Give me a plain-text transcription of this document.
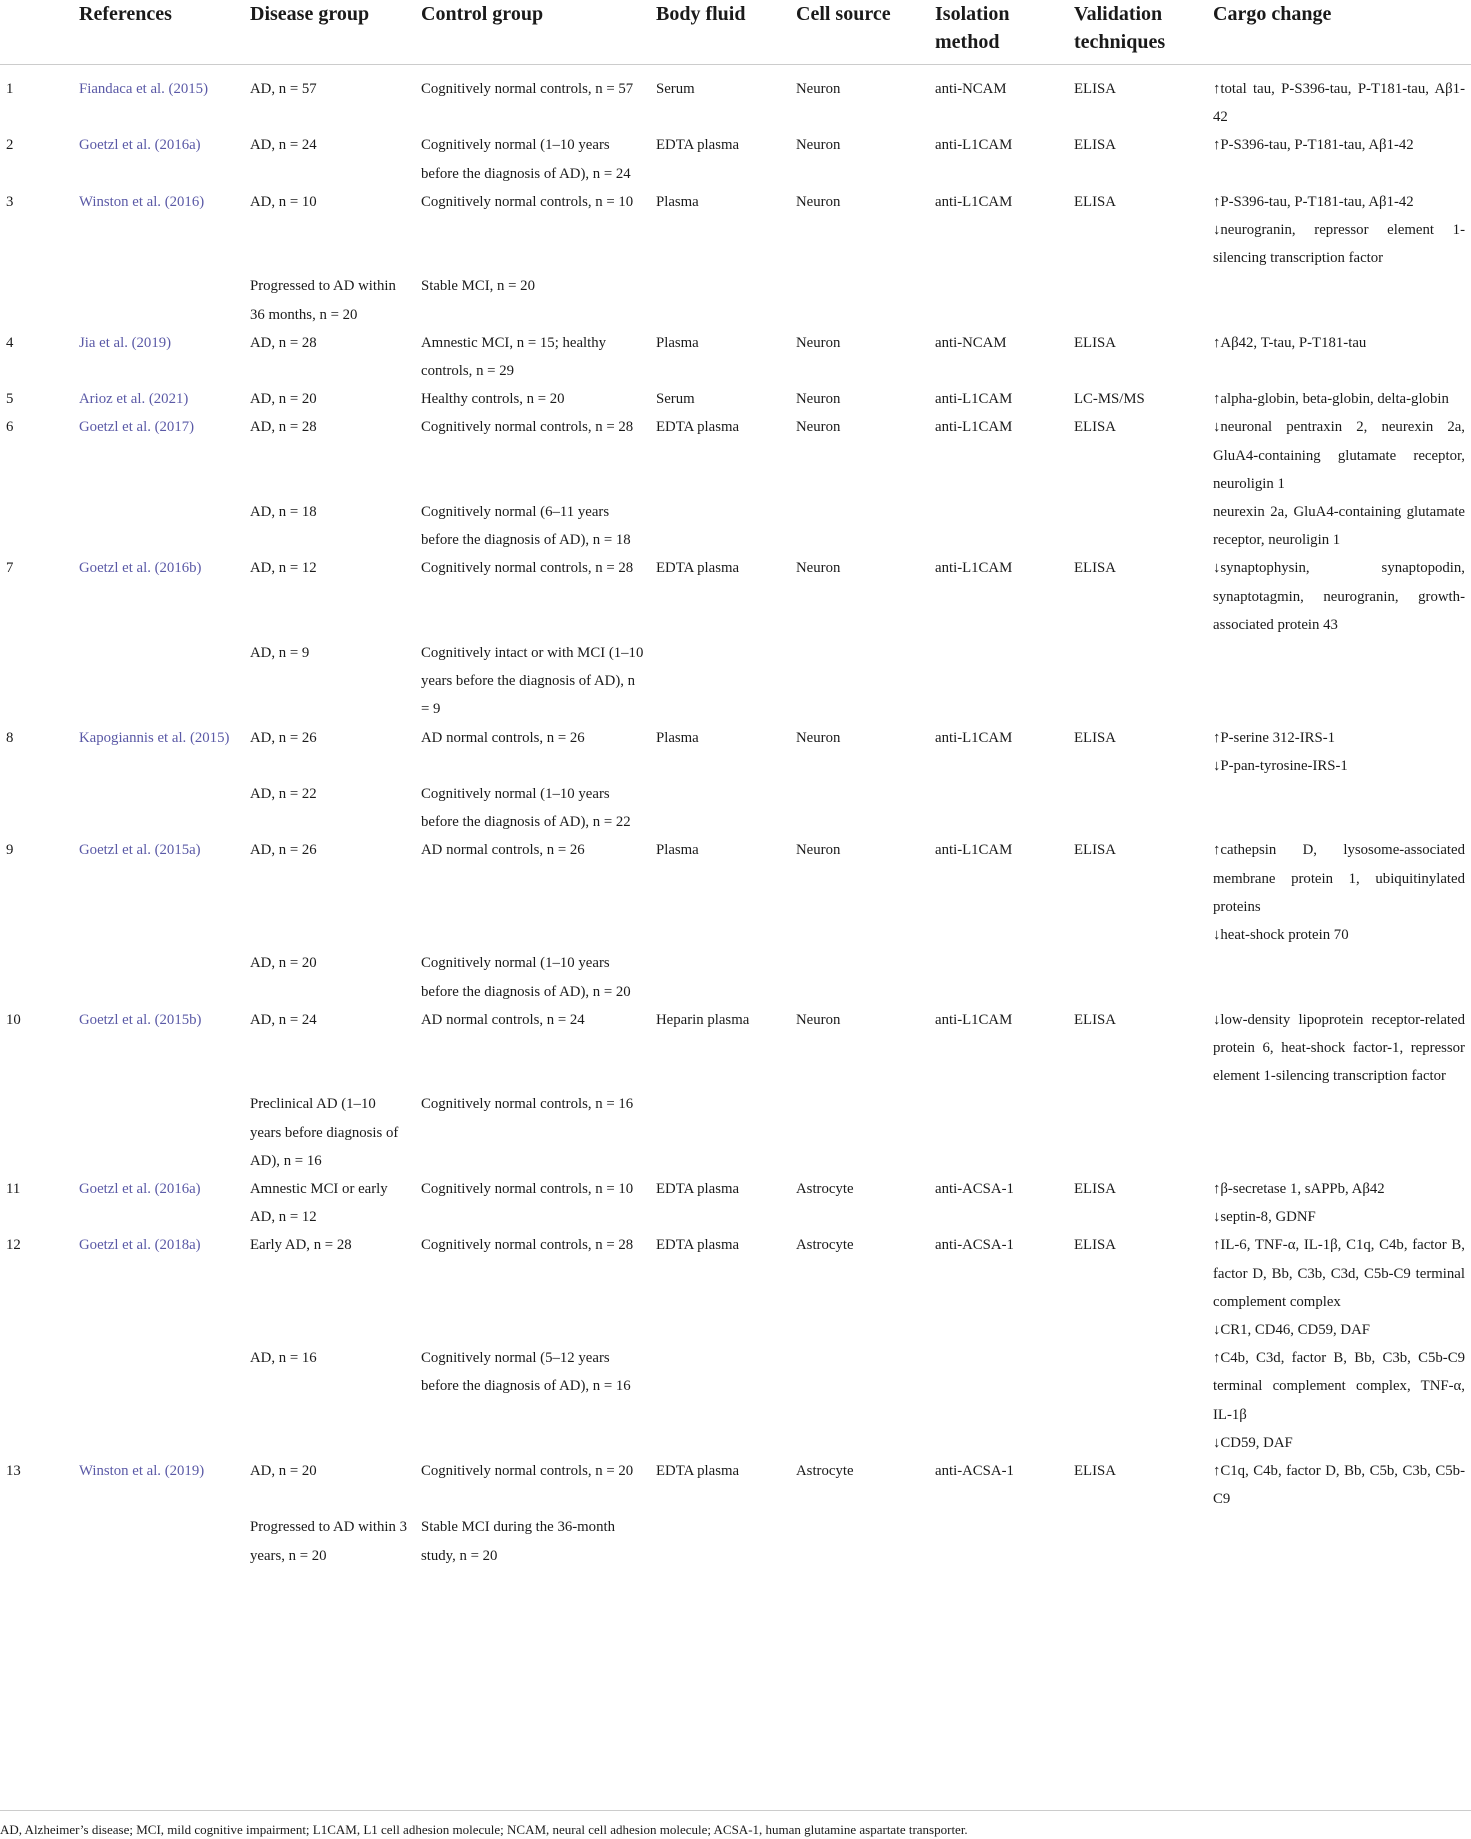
	References	Disease group	Control group	Body fluid	Cell source	Isolation method	Validation techniques	Cargo change
1	Fiandaca et al. (2015)	AD, n = 57	Cognitively normal controls, n = 57	Serum	Neuron	anti-NCAM	ELISA	↑total tau, P-S396-tau, P-T181-tau, Aβ1-42

2	Goetzl et al. (2016a)	AD, n = 24	Cognitively normal (1–10 years before the diagnosis of AD), n = 24	EDTA plasma	Neuron	anti-L1CAM	ELISA	↑P-S396-tau, P-T181-tau, Aβ1-42

3	Winston et al. (2016)	AD, n = 10	Cognitively normal controls, n = 10	Plasma	Neuron	anti-L1CAM	ELISA	↑P-S396-tau, P-T181-tau, Aβ1-42
↓neurogranin, repressor element 1-silencing transcription factor

		Progressed to AD within 36 months, n = 20	Stable MCI, n = 20					
4	Jia et al. (2019)	AD, n = 28	Amnestic MCI, n = 15; healthy controls, n = 29	Plasma	Neuron	anti-NCAM	ELISA	↑Aβ42, T-tau, P-T181-tau

5	Arioz et al. (2021)	AD, n = 20	Healthy controls, n = 20	Serum	Neuron	anti-L1CAM	LC-MS/MS	↑alpha-globin, beta-globin, delta-globin

6	Goetzl et al. (2017)	AD, n = 28	Cognitively normal controls, n = 28	EDTA plasma	Neuron	anti-L1CAM	ELISA	↓neuronal pentraxin 2, neurexin 2a, GluA4-containing glutamate receptor, neuroligin 1

		AD, n = 18	Cognitively normal (6–11 years before the diagnosis of AD), n = 18					neurexin 2a, GluA4-containing glutamate receptor, neuroligin 1

7	Goetzl et al. (2016b)	AD, n = 12	Cognitively normal controls, n = 28	EDTA plasma	Neuron	anti-L1CAM	ELISA	↓synaptophysin, synaptopodin, synaptotagmin, neurogranin, growth-associated protein 43

		AD, n = 9	Cognitively intact or with MCI (1–10 years before the diagnosis of AD), n = 9					
8	Kapogiannis et al. (2015)	AD, n = 26	AD normal controls, n = 26	Plasma	Neuron	anti-L1CAM	ELISA	↑P-serine 312-IRS-1
↓P-pan-tyrosine-IRS-1

		AD, n = 22	Cognitively normal (1–10 years before the diagnosis of AD), n = 22					
9	Goetzl et al. (2015a)	AD, n = 26	AD normal controls, n = 26	Plasma	Neuron	anti-L1CAM	ELISA	↑cathepsin D, lysosome-associated membrane protein 1, ubiquitinylated proteins
↓heat-shock protein 70

		AD, n = 20	Cognitively normal (1–10 years before the diagnosis of AD), n = 20					
10	Goetzl et al. (2015b)	AD, n = 24	AD normal controls, n = 24	Heparin plasma	Neuron	anti-L1CAM	ELISA	↓low-density lipoprotein receptor-related protein 6, heat-shock factor-1, repressor element 1-silencing transcription factor

		Preclinical AD (1–10 years before diagnosis of AD), n = 16	Cognitively normal controls, n = 16					
11	Goetzl et al. (2016a)	Amnestic MCI or early AD, n = 12	Cognitively normal controls, n = 10	EDTA plasma	Astrocyte	anti-ACSA-1	ELISA	↑β-secretase 1, sAPPb, Aβ42
↓septin-8, GDNF

12	Goetzl et al. (2018a)	Early AD, n = 28	Cognitively normal controls, n = 28	EDTA plasma	Astrocyte	anti-ACSA-1	ELISA	↑IL-6, TNF-α, IL-1β, C1q, C4b, factor B, factor D, Bb, C3b, C3d, C5b-C9 terminal complement complex
↓CR1, CD46, CD59, DAF

		AD, n = 16	Cognitively normal (5–12 years before the diagnosis of AD), n = 16					↑C4b, C3d, factor B, Bb, C3b, C5b-C9 terminal complement complex, TNF-α, IL-1β
↓CD59, DAF

13	Winston et al. (2019)	AD, n = 20	Cognitively normal controls, n = 20	EDTA plasma	Astrocyte	anti-ACSA-1	ELISA	↑C1q, C4b, factor D, Bb, C5b, C3b, C5b-C9

		Progressed to AD within 3 years, n = 20	Stable MCI during the 36-month study, n = 20					
AD, Alzheimer’s disease; MCI, mild cognitive impairment; L1CAM, L1 cell adhesion molecule; NCAM, neural cell adhesion molecule; ACSA-1, human glutamine aspartate transporter.
